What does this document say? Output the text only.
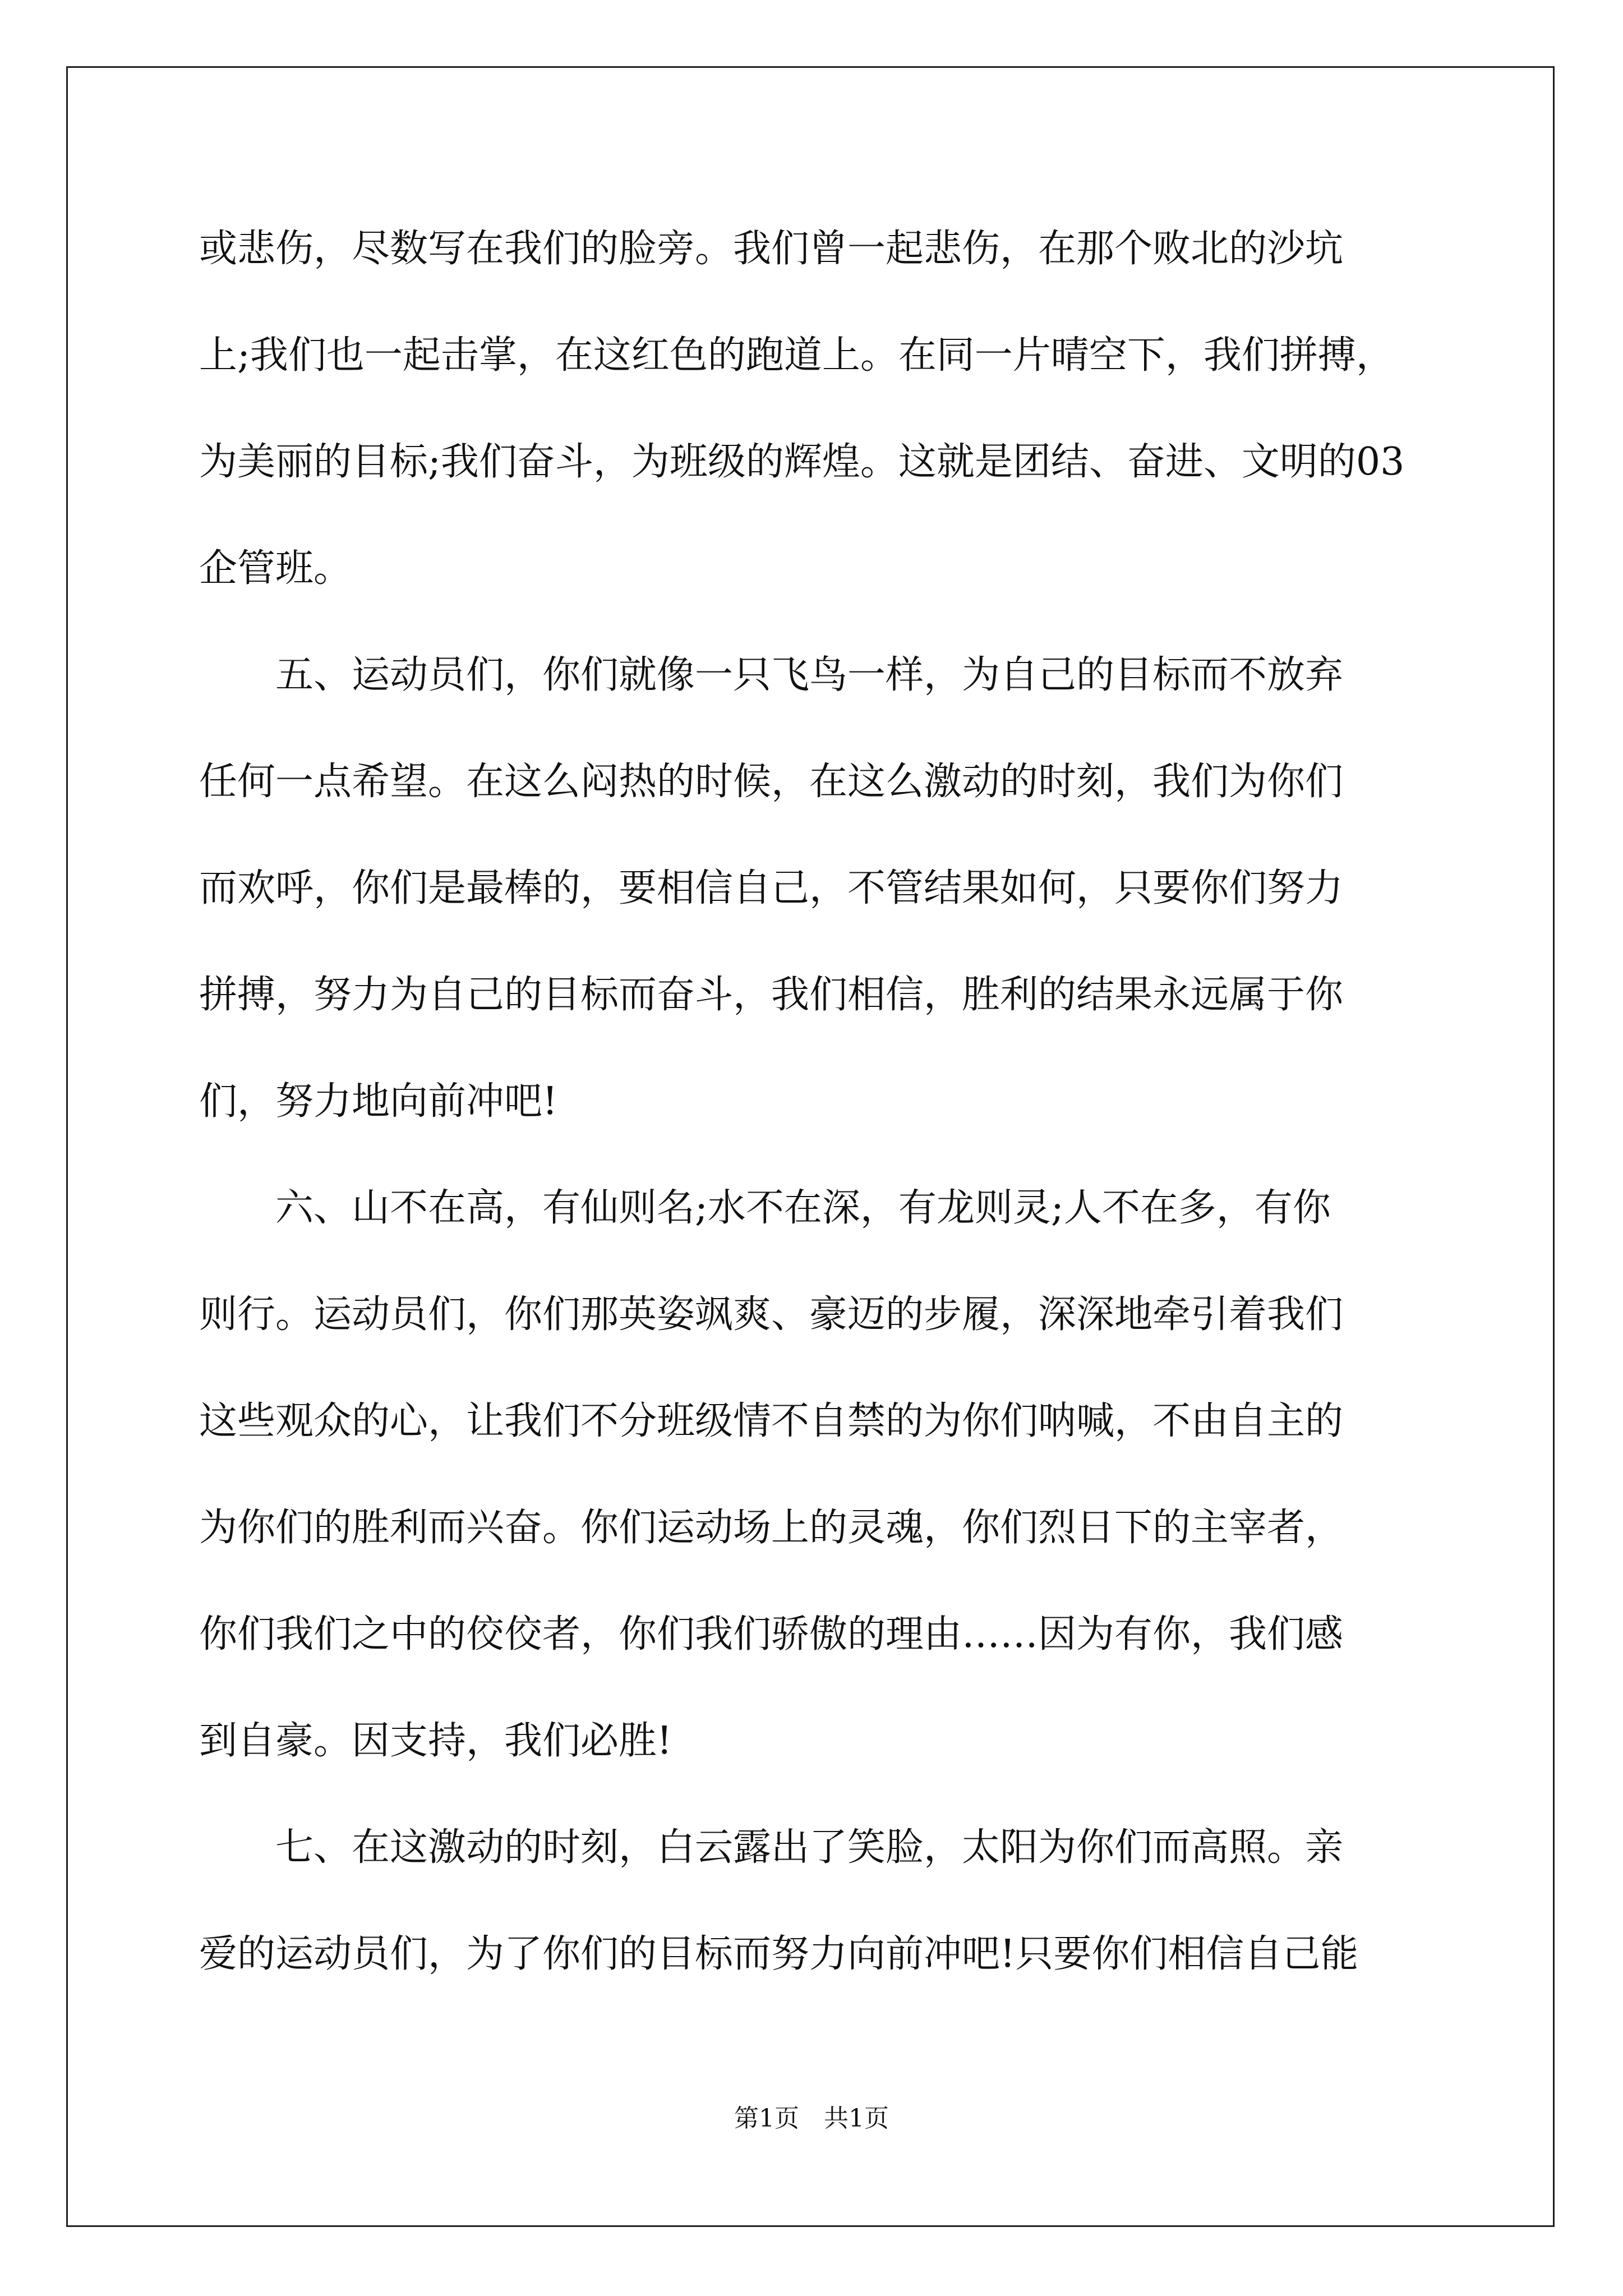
或悲伤，尽数写在我们的脸旁。我们曾一起悲伤，在那个败北的沙坑
上;我们也一起击掌，在这红色的跑道上。在同一片晴空下，我们拼搏，
为美丽的目标;我们奋斗，为班级的辉煌。这就是团结、奋进、文明的03
企管班。
　　五、运动员们，你们就像一只飞鸟一样，为自己的目标而不放弃
任何一点希望。在这么闷热的时候，在这么激动的时刻，我们为你们
而欢呼，你们是最棒的，要相信自己，不管结果如何，只要你们努力
拼搏，努力为自己的目标而奋斗，我们相信，胜利的结果永远属于你
们，努力地向前冲吧!
　　六、山不在高，有仙则名;水不在深，有龙则灵;人不在多，有你
则行。运动员们，你们那英姿飒爽、豪迈的步履，深深地牵引着我们
这些观众的心，让我们不分班级情不自禁的为你们呐喊，不由自主的
为你们的胜利而兴奋。你们运动场上的灵魂，你们烈日下的主宰者，
你们我们之中的佼佼者，你们我们骄傲的理由……因为有你，我们感
到自豪。因支持，我们必胜!
　　七、在这激动的时刻，白云露出了笑脸，太阳为你们而高照。亲
爱的运动员们，为了你们的目标而努力向前冲吧!只要你们相信自己能
第1页　共1页
